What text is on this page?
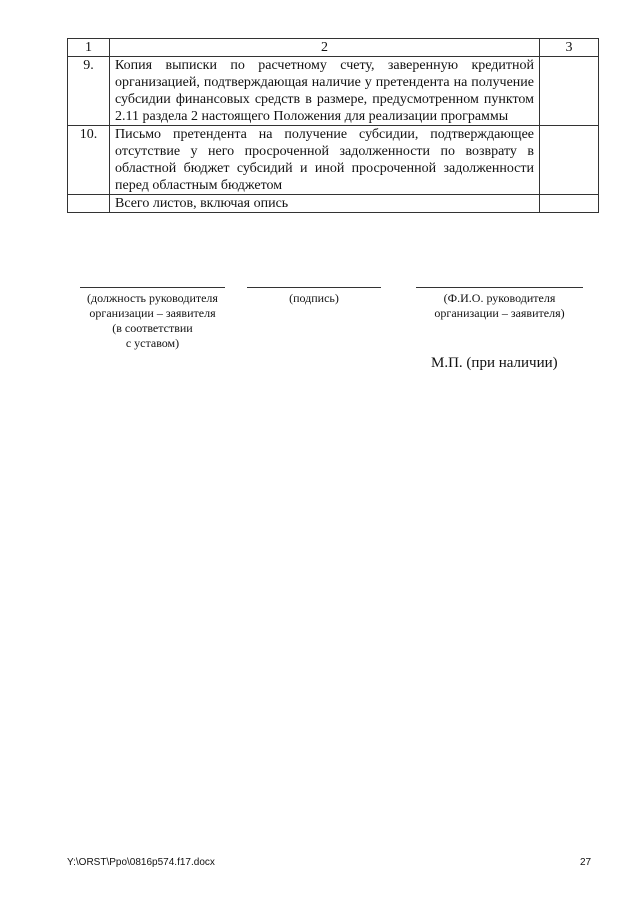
1	2	3
9.	Копия выписки по расчетному счету, заверенную кредитной организацией, подтверждающая наличие у претендента на получение субсидии финансовых средств в размере, предусмотренном пунктом 2.11 раздела 2 настоящего Положения для реализации программы	
10.	Письмо претендента на получение субсидии, подтверждающее отсутствие у него просроченной задолженности по возврату в областной бюджет субсидий и иной просроченной задолженности перед областным бюджетом	
	Всего листов, включая опись	
(должность руководителя
организации – заявителя
(в соответствии
с уставом)
(подпись)	(Ф.И.О. руководителя
организации – заявителя)
М.П. (при наличии)
Y:\ORST\Ppo\0816p574.f17.docx	27
